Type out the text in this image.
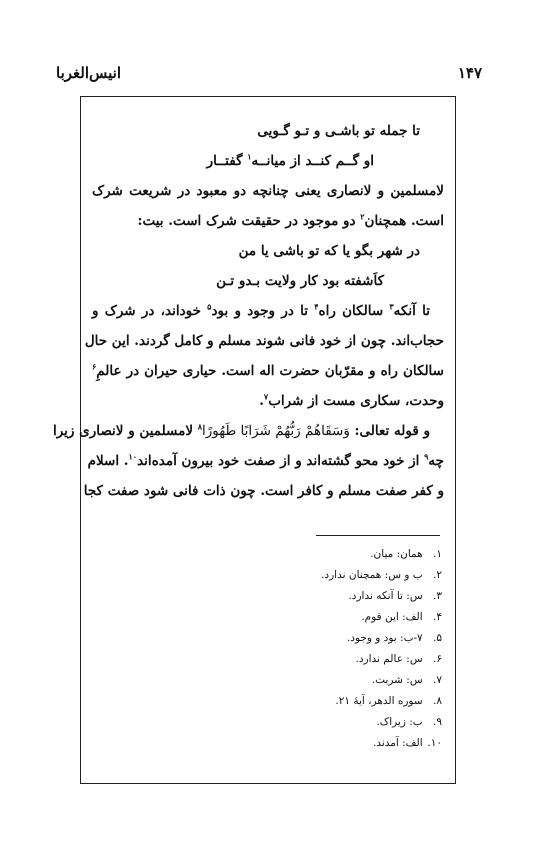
۱۴۷
انیس‌الغربا
تا جمله تو باشـی و تـو گـویی
او گــم کنــد از میانــه$^۱$ گفتــار
لامسلمین و لانصاری یعنی چنانچه دو معبود در شریعت شرک
است. همچنان$^۲$ دو موجود در حقیقت شرک است. بیت:
در شهر بگو یا که تو باشی یا من
کاَشفته بود کار ولایت بـدو تـن
تا آنکه$^۳$ سالکان راه$^۴$ تا در وجود و بود$^۵$ خوداند، در شرک و
حجاب‌اند. چون از خود فانی شوند مسلم و کامل گردند. این حال
سالکان راه و مقرّبان حضرت اله است. حیاری حیران در عالمِ$^۶$
وحدت، سکاری مست از شراب$^۷$.
و قوله تعالی: وَسَقَاهُمْ رَبُّهُمْ شَرَابًا طَهُورًا$^۸$ لامسلمین و لانصاری زیرا
چه$^۹$ از خود محو گشته‌اند و از صفت خود بیرون آمده‌اند$^{۱۰}$. اسلام
و کفر صفت مسلم و کافر است. چون ذات فانی شود صفت کجا
۱. همان: میان.
۲. ب و س: همچنان ندارد.
۳. س: تا آنکه ندارد.
۴. الف: این قوم.
۵. ۷-ب: بود و وجود.
۶. س: عالم ندارد.
۷. س: شربت.
۸. سوره الدهر، آیهٔ ۲۱.
۹. ب: زیراک.
۱۰. الف: آمدند.
